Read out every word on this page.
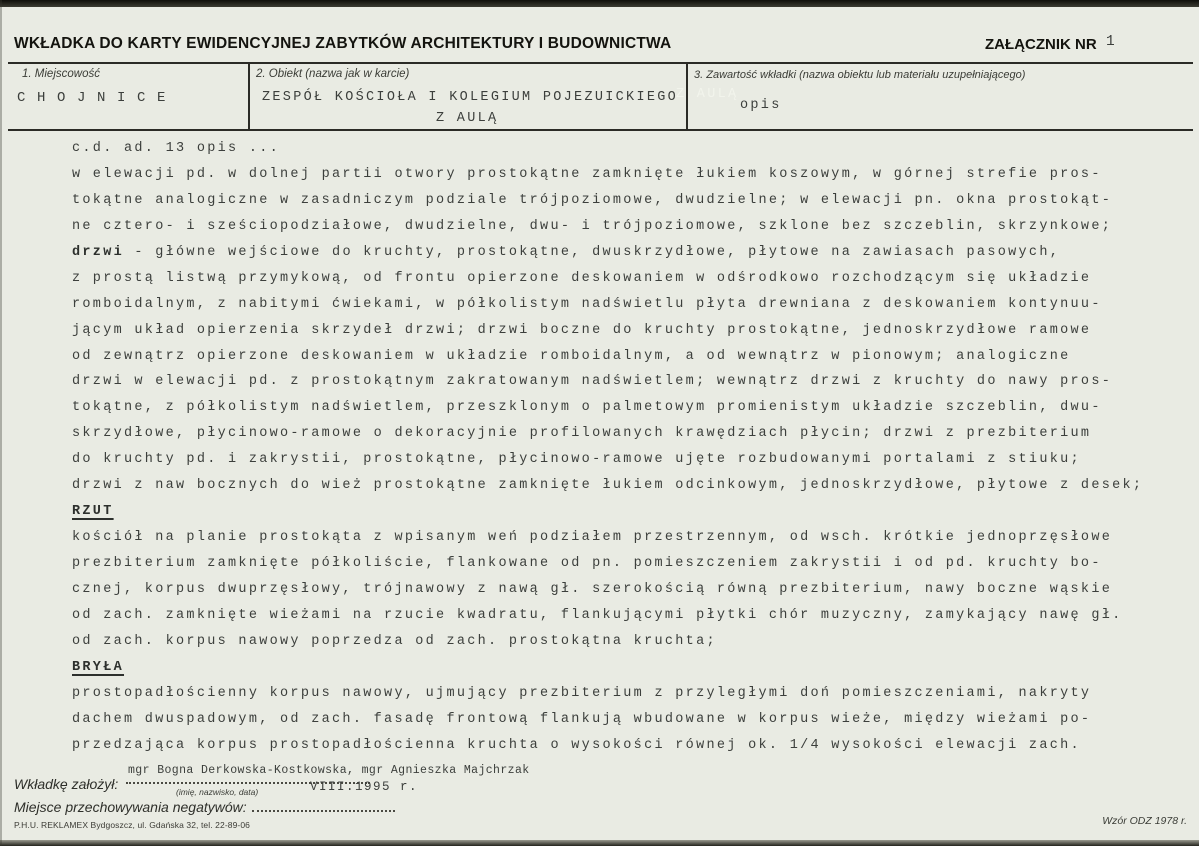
WKŁADKA DO KARTY EWIDENCYJNEJ ZABYTKÓW ARCHITEKTURY I BUDOWNICTWA	ZAŁĄCZNIK NR 1
1. Miejscowość
C H O J N I C E
2. Obiekt (nazwa jak w karcie)
ZESPÓŁ KOŚCIOŁA I KOLEGIUM POJEZUICKIEGO
Z AULĄ
Z AULĄ
3. Zawartość wkładki (nazwa obiektu lub materiału uzupełniającego)
opis
c.d. ad. 13 opis ...
w elewacji pd. w dolnej partii otwory prostokątne zamknięte łukiem koszowym, w górnej strefie pros-
tokątne analogiczne w zasadniczym podziale trójpoziomowe, dwudzielne; w elewacji pn. okna prostokąt-
ne cztero- i sześciopodziałowe, dwudzielne, dwu- i trójpoziomowe, szklone bez szczeblin, skrzynkowe;
drzwi - główne wejściowe do kruchty, prostokątne, dwuskrzydłowe, płytowe na zawiasach pasowych,
z prostą listwą przymykową, od frontu opierzone deskowaniem w odśrodkowo rozchodzącym się układzie
romboidalnym, z nabitymi ćwiekami, w półkolistym nadświetlu płyta drewniana z deskowaniem kontynuu-
jącym układ opierzenia skrzydeł drzwi; drzwi boczne do kruchty prostokątne, jednoskrzydłowe ramowe
od zewnątrz opierzone deskowaniem w układzie romboidalnym, a od wewnątrz w pionowym; analogiczne
drzwi w elewacji pd. z prostokątnym zakratowanym nadświetlem; wewnątrz drzwi z kruchty do nawy pros-
tokątne, z półkolistym nadświetlem, przeszklonym o palmetowym promienistym układzie szczeblin, dwu-
skrzydłowe, płycinowo-ramowe o dekoracyjnie profilowanych krawędziach płycin; drzwi z prezbiterium
do kruchty pd. i zakrystii, prostokątne, płycinowo-ramowe ujęte rozbudowanymi portalami z stiuku;
drzwi z naw bocznych do wież prostokątne zamknięte łukiem odcinkowym, jednoskrzydłowe, płytowe z desek;
RZUT
kościół na planie prostokąta z wpisanym weń podziałem przestrzennym, od wsch. krótkie jednoprzęsłowe
prezbiterium zamknięte półkoliście, flankowane od pn. pomieszczeniem zakrystii i od pd. kruchty bo-
cznej, korpus dwuprzęsłowy, trójnawowy z nawą gł. szerokością równą prezbiterium, nawy boczne wąskie
od zach. zamknięte wieżami na rzucie kwadratu, flankującymi płytki chór muzyczny, zamykający nawę gł.
od zach. korpus nawowy poprzedza od zach. prostokątna kruchta;
BRYŁA
prostopadłościenny korpus nawowy, ujmujący prezbiterium z przyległymi doń pomieszczeniami, nakryty
dachem dwuspadowym, od zach. fasadę frontową flankują wbudowane w korpus wieże, między wieżami po-
przedzająca korpus prostopadłościenna kruchta o wysokości równej ok. 1/4 wysokości elewacji zach.
Wkładkę założył:
mgr Bogna Derkowska-Kostkowska, mgr Agnieszka Majchrzak
(imię, nazwisko, data)	VIII.1995 r.
Miejsce przechowywania negatywów:
P.H.U. REKLAMEX Bydgoszcz, ul. Gdańska 32, tel. 22-89-06	Wzór ODZ 1978 r.
